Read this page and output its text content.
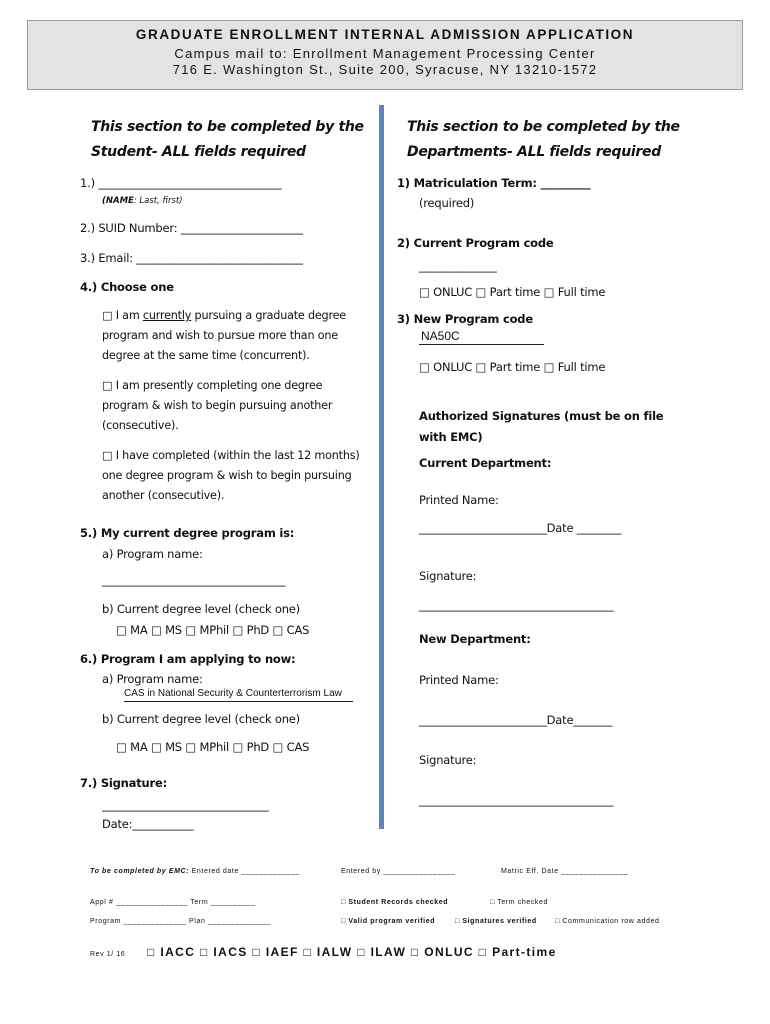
GRADUATE ENROLLMENT INTERNAL ADMISSION APPLICATION
Campus mail to: Enrollment Management Processing Center
716 E. Washington St., Suite 200, Syracuse, NY 13210-1572
This section to be completed by the
Student- ALL fields required
1.) _________________________________
(NAME: Last, first)
2.) SUID Number: ______________________
3.) Email: ______________________________
4.) Choose one
□ I am currently pursuing a graduate degree program and wish to pursue more than one degree at the same time (concurrent).
□ I am presently completing one degree program & wish to begin pursuing another (consecutive).
□ I have completed (within the last 12 months) one degree program & wish to begin pursuing another (consecutive).
5.) My current degree program is:
a) Program name:
_________________________________
b) Current degree level (check one)
□ MA □ MS □ MPhil □ PhD □ CAS
6.) Program I am applying to now:
a) Program name:
CAS in National Security & Counterterrorism Law
b) Current degree level (check one)
□ MA □ MS □ MPhil □ PhD □ CAS
7.) Signature:
______________________________
Date:___________
This section to be completed by the
Departments- ALL fields required
1) Matriculation Term: _________
(required)
2) Current Program code
______________
□ ONLUC □ Part time □ Full time
3) New Program code
NA50C
□ ONLUC □ Part time □ Full time
Authorized Signatures (must be on file
with EMC)
Current Department:
Printed Name:
_______________________Date ________
Signature:
___________________________________
New Department:
Printed Name:
_______________________Date_______
Signature:
___________________________________
To be completed by EMC: Entered date _____________	Entered by ________________	Matric Eff. Date _______________
Appl # ________________ Term __________	□ Student Records checked	□ Term checked
Program ______________ Plan ______________	□ Valid program verified	□ Signatures verified	□ Communication row added
Rev 1/ 16 □ IACC □ IACS □ IAEF □ IALW □ ILAW □ ONLUC □ Part-time
